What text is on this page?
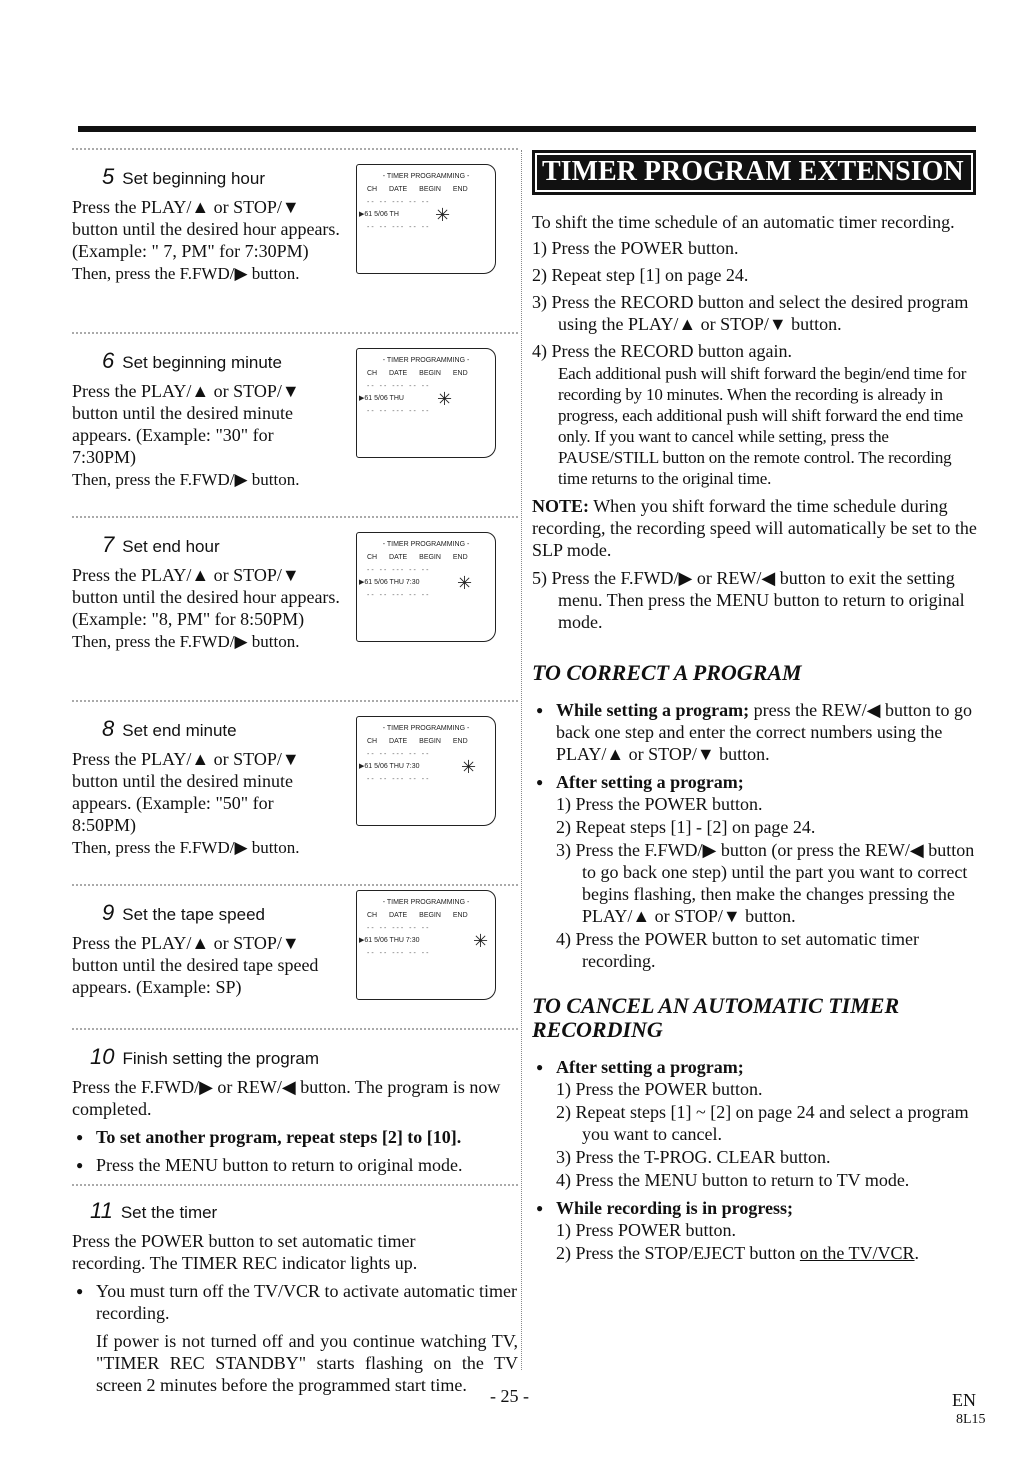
5 Set beginning hour
Press the PLAY/▲ or STOP/▼ button until the desired hour appears. (Example: " 7, PM" for 7:30PM)
Then, press the F.FWD/▶ button.
- TIMER PROGRAMMING -
CH DATE BEGIN END
-- -- --- -- --
▶61 5/06 TH
-- -- --- -- --
✳
6 Set beginning minute
Press the PLAY/▲ or STOP/▼ button until the desired minute appears. (Example: "30" for 7:30PM)
Then, press the F.FWD/▶ button.
- TIMER PROGRAMMING -
CH DATE BEGIN END
-- -- --- -- --
▶61 5/06 THU
-- -- --- -- --
✳
7 Set end hour
Press the PLAY/▲ or STOP/▼ button until the desired hour appears. (Example: "8, PM" for 8:50PM)
Then, press the F.FWD/▶ button.
- TIMER PROGRAMMING -
CH DATE BEGIN END
-- -- --- -- --
▶61 5/06 THU 7:30
-- -- --- -- --
✳
8 Set end minute
Press the PLAY/▲ or STOP/▼ button until the desired minute appears. (Example: "50" for 8:50PM)
Then, press the F.FWD/▶ button.
- TIMER PROGRAMMING -
CH DATE BEGIN END
-- -- --- -- --
▶61 5/06 THU 7:30
-- -- --- -- --
✳
9 Set the tape speed
Press the PLAY/▲ or STOP/▼ button until the desired tape speed appears. (Example: SP)
- TIMER PROGRAMMING -
CH DATE BEGIN END
-- -- --- -- --
▶61 5/06 THU 7:30
-- -- --- -- --
✳
10 Finish setting the program

Press the F.FWD/▶ or REW/◀ button. The program is now completed.

● To set another program, repeat steps [2] to [10].
● Press the MENU button to return to original mode.
11 Set the timer

Press the POWER button to set automatic timer recording. The TIMER REC indicator lights up.

● You must turn off the TV/VCR to activate automatic timer recording.

If power is not turned off and you continue watching TV, "TIMER REC STANDBY" starts flashing on the TV screen 2 minutes before the programmed start time.

TIMER PROGRAM EXTENSION

To shift the time schedule of an automatic timer recording.

1) Press the POWER button.
2) Repeat step [1] on page 24.
3) Press the RECORD button and select the desired program using the PLAY/▲ or STOP/▼ button.
4) Press the RECORD button again.
Each additional push will shift forward the begin/end time for recording by 10 minutes. When the recording is already in progress, each additional push will shift forward the end time only. If you want to cancel while setting, press the PAUSE/STILL button on the remote control. The recording time returns to the original time.

NOTE: When you shift forward the time schedule during recording, the recording speed will automatically be set to the SLP mode.

5) Press the F.FWD/▶ or REW/◀ button to exit the setting menu. Then press the MENU button to return to original mode.
TO CORRECT A PROGRAM
● While setting a program; press the REW/◀ button to go back one step and enter the correct numbers using the PLAY/▲ or STOP/▼ button.
● After setting a program;
1) Press the POWER button.
2) Repeat steps [1] - [2] on page 24.
3) Press the F.FWD/▶ button (or press the REW/◀ button to go back one step) until the part you want to correct begins flashing, then make the changes pressing the PLAY/▲ or STOP/▼ button.
4) Press the POWER button to set automatic timer recording.
TO CANCEL AN AUTOMATIC TIMER RECORDING
● After setting a program;
1) Press the POWER button.
2) Repeat steps [1] ~ [2] on page 24 and select a program you want to cancel.
3) Press the T-PROG. CLEAR button.
4) Press the MENU button to return to TV mode.
● While recording is in progress;
1) Press POWER button.
2) Press the STOP/EJECT button on the TV/VCR.
- 25 -	EN
8L15
